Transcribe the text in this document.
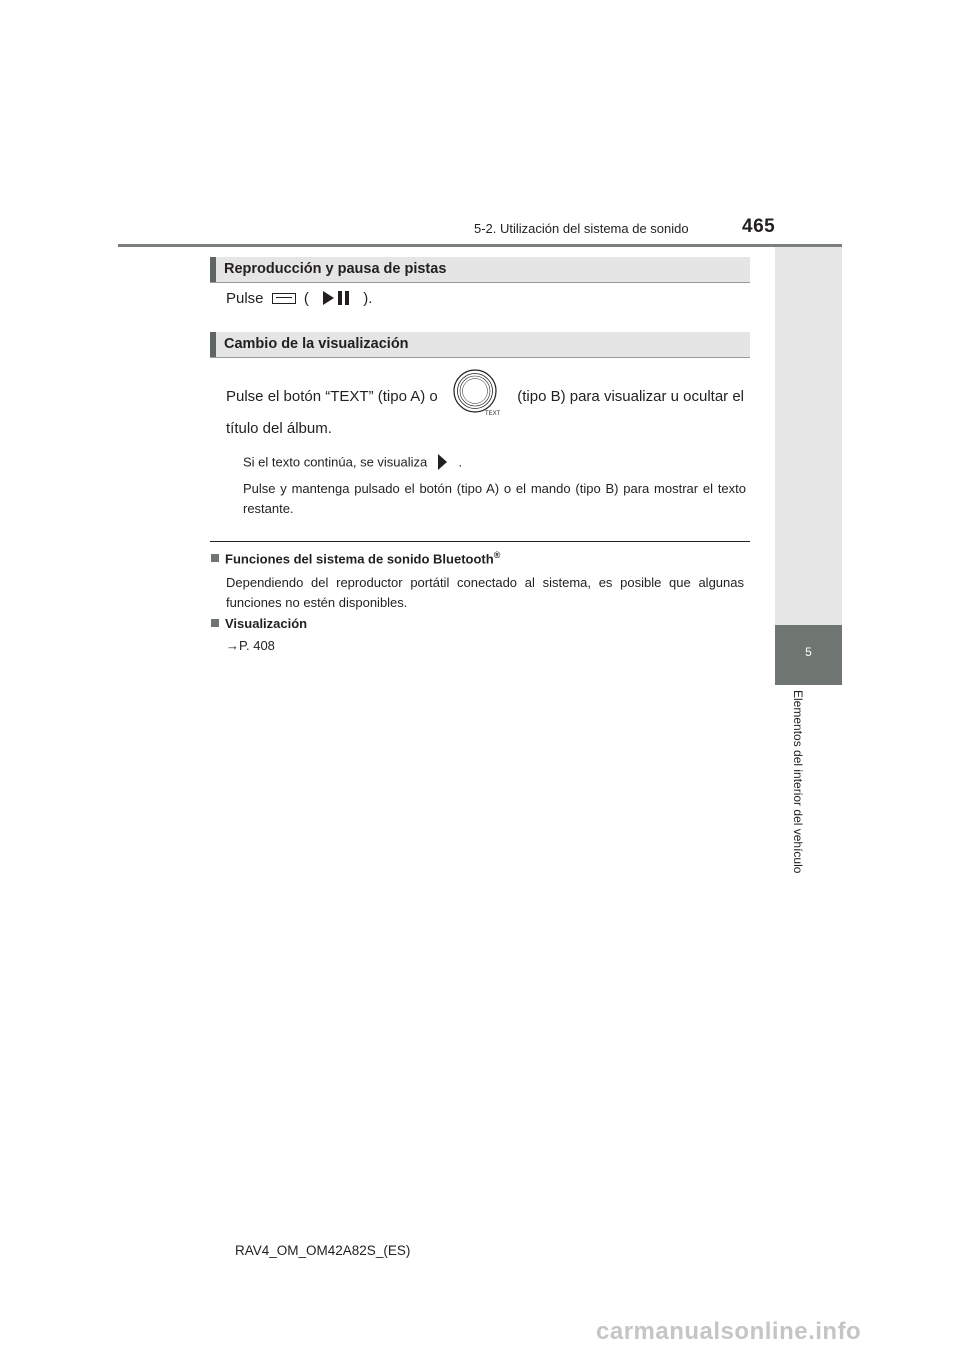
5-2. Utilización del sistema de sonido	465
5
Elementos del interior del vehículo
Reproducción y pausa de pistas
Pulse	(	).
Cambio de la visualización
Pulse el botón “TEXT” (tipo A) o
TEXT
(tipo B) para visualizar u ocultar el
título del álbum.
Si el texto continúa, se visualiza .
Pulse y mantenga pulsado el botón (tipo A) o el mando (tipo B) para mostrar el texto restante.
Funciones del sistema de sonido Bluetooth®
Dependiendo del reproductor portátil conectado al sistema, es posible que algunas funciones no estén disponibles.
Visualización
→P. 408
RAV4_OM_OM42A82S_(ES)
carmanualsonline.info
